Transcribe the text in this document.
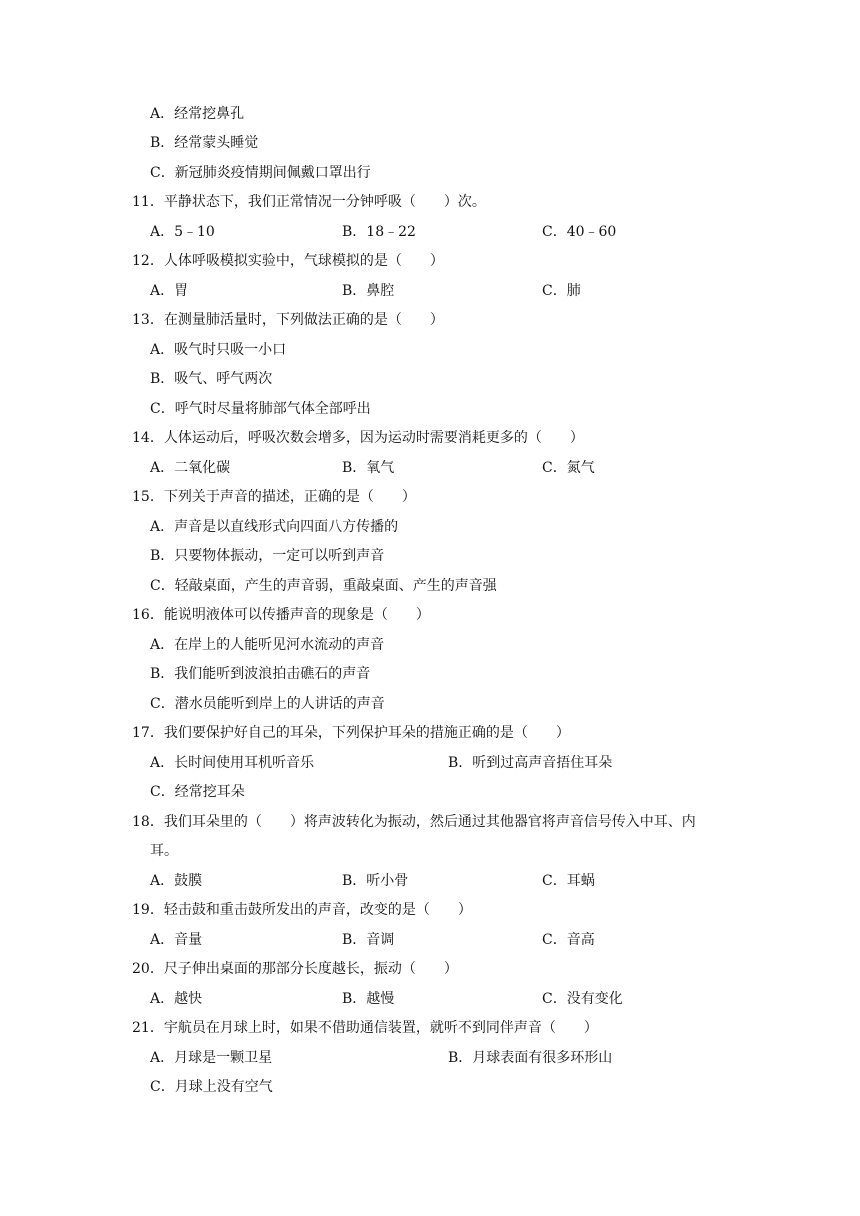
A．经常挖鼻孔
B．经常蒙头睡觉
C．新冠肺炎疫情期间佩戴口罩出行
11．平静状态下，我们正常情况一分钟呼吸（　　）次。
A．5﹣10	B．18﹣22	C．40﹣60
12．人体呼吸模拟实验中，气球模拟的是（　　）
A．胃	B．鼻腔	C．肺
13．在测量肺活量时，下列做法正确的是（　　）
A．吸气时只吸一小口
B．吸气、呼气两次
C．呼气时尽量将肺部气体全部呼出
14．人体运动后，呼吸次数会增多，因为运动时需要消耗更多的（　　）
A．二氧化碳	B．氧气	C．氮气
15．下列关于声音的描述，正确的是（　　）
A．声音是以直线形式向四面八方传播的
B．只要物体振动，一定可以听到声音
C．轻敲桌面，产生的声音弱，重敲桌面、产生的声音强
16．能说明液体可以传播声音的现象是（　　）
A．在岸上的人能听见河水流动的声音
B．我们能听到波浪拍击礁石的声音
C．潜水员能听到岸上的人讲话的声音
17．我们要保护好自己的耳朵，下列保护耳朵的措施正确的是（　　）
A．长时间使用耳机听音乐	B．听到过高声音捂住耳朵
C．经常挖耳朵
18．我们耳朵里的（　　）将声波转化为振动，然后通过其他器官将声音信号传入中耳、内
耳。
A．鼓膜	B．听小骨	C．耳蜗
19．轻击鼓和重击鼓所发出的声音，改变的是（　　）
A．音量	B．音调	C．音高
20．尺子伸出桌面的那部分长度越长，振动（　　）
A．越快	B．越慢	C．没有变化
21．宇航员在月球上时，如果不借助通信装置，就听不到同伴声音（　　）
A．月球是一颗卫星	B．月球表面有很多环形山
C．月球上没有空气
